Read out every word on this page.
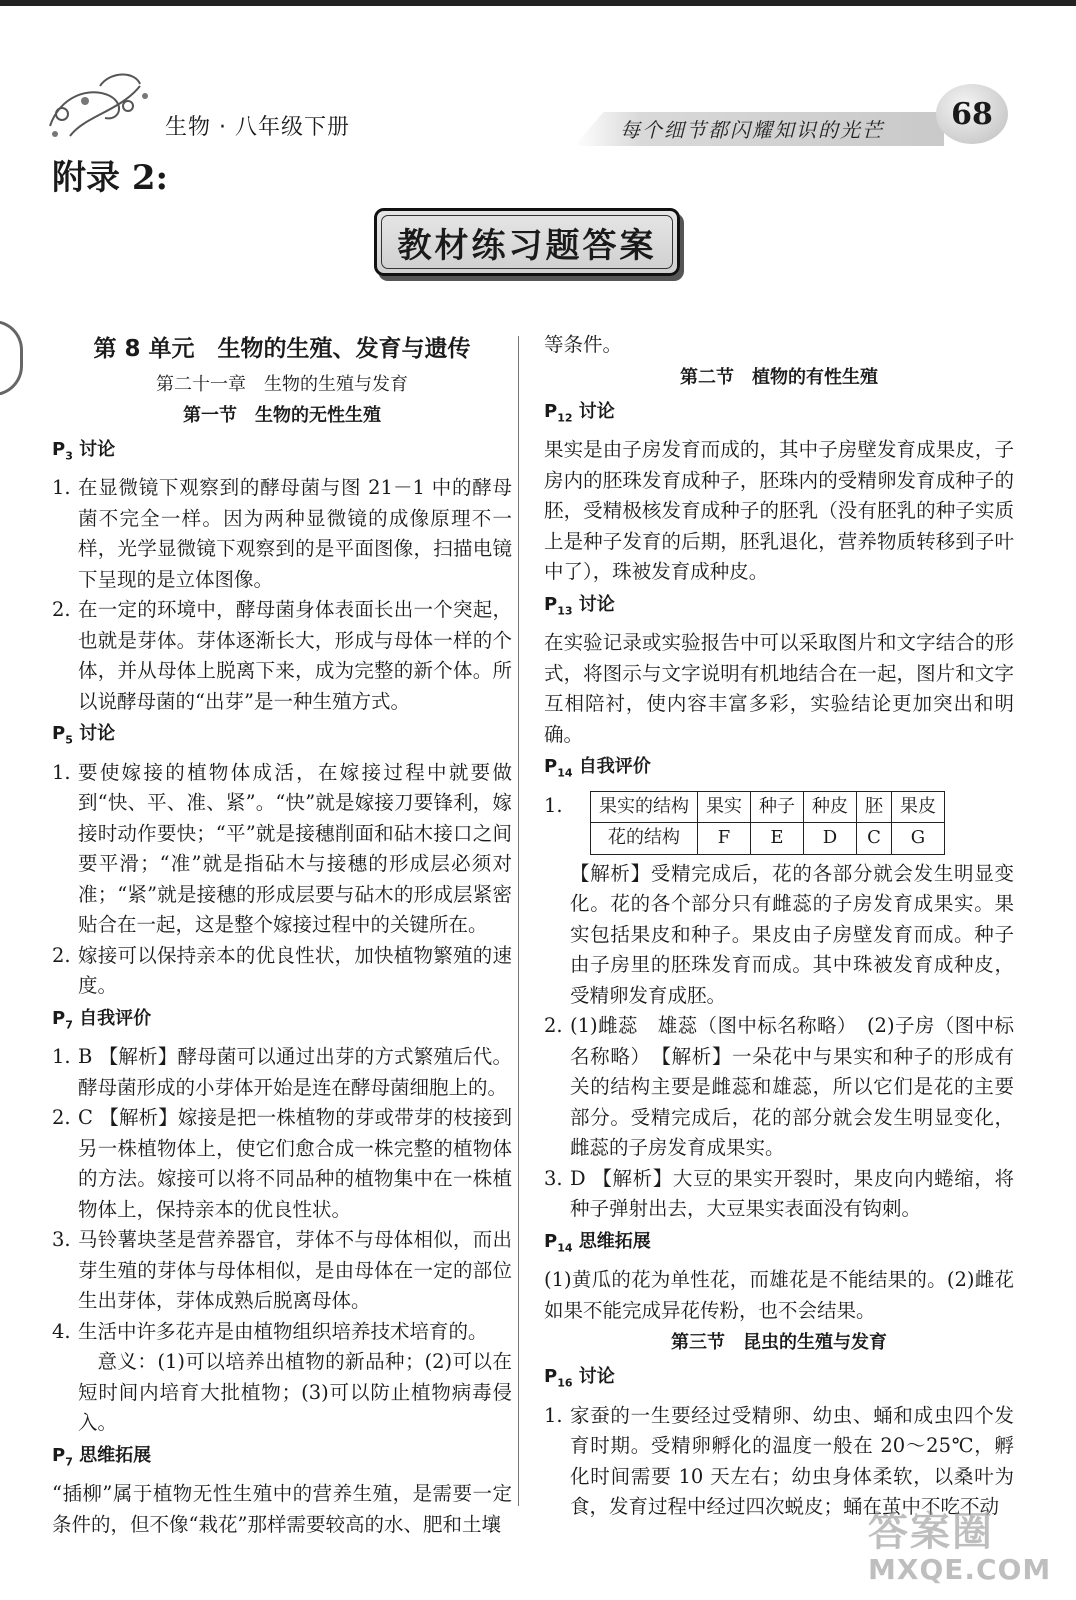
生物 · 八年级下册	每个细节都闪耀知识的光芒	68
附录 2:
教材练习题答案
第 8 单元　生物的生殖、发育与遗传
第二十一章　生物的生殖与发育
第一节　生物的无性生殖
$P_3$ 讨论
1. 在显微镜下观察到的酵母菌与图 21－1 中的酵母菌不完全一样。因为两种显微镜的成像原理不一样，光学显微镜下观察到的是平面图像，扫描电镜下呈现的是立体图像。
2. 在一定的环境中，酵母菌身体表面长出一个突起，也就是芽体。芽体逐渐长大，形成与母体一样的个体，并从母体上脱离下来，成为完整的新个体。所以说酵母菌的“出芽”是一种生殖方式。
$P_5$ 讨论
1. 要使嫁接的植物体成活，在嫁接过程中就要做到“快、平、准、紧”。“快”就是嫁接刀要锋利，嫁接时动作要快；“平”就是接穗削面和砧木接口之间要平滑；“准”就是指砧木与接穗的形成层必须对准；“紧”就是接穗的形成层要与砧木的形成层紧密贴合在一起，这是整个嫁接过程中的关键所在。
2. 嫁接可以保持亲本的优良性状，加快植物繁殖的速度。
$P_7$ 自我评价
1. B 【解析】酵母菌可以通过出芽的方式繁殖后代。酵母菌形成的小芽体开始是连在酵母菌细胞上的。
2. C 【解析】嫁接是把一株植物的芽或带芽的枝接到另一株植物体上，使它们愈合成一株完整的植物体的方法。嫁接可以将不同品种的植物集中在一株植物体上，保持亲本的优良性状。
3. 马铃薯块茎是营养器官，芽体不与母体相似，而出芽生殖的芽体与母体相似，是由母体在一定的部位生出芽体，芽体成熟后脱离母体。
4. 生活中许多花卉是由植物组织培养技术培育的。
意义：(1)可以培养出植物的新品种；(2)可以在短时间内培育大批植物；(3)可以防止植物病毒侵入。
$P_7$ 思维拓展
“插柳”属于植物无性生殖中的营养生殖，是需要一定条件的，但不像“栽花”那样需要较高的水、肥和土壤
等条件。
第二节　植物的有性生殖
$P_{12}$ 讨论
果实是由子房发育而成的，其中子房壁发育成果皮，子房内的胚珠发育成种子，胚珠内的受精卵发育成种子的胚，受精极核发育成种子的胚乳（没有胚乳的种子实质上是种子发育的后期，胚乳退化，营养物质转移到子叶中了），珠被发育成种皮。
$P_{13}$ 讨论
在实验记录或实验报告中可以采取图片和文字结合的形式，将图示与文字说明有机地结合在一起，图片和文字互相陪衬，使内容丰富多彩，实验结论更加突出和明确。
$P_{14}$ 自我评价
1.	果实的结构	果实	种子	种皮	胚	果皮
花的结构	F	E	D	C	G
【解析】受精完成后，花的各部分就会发生明显变化。花的各个部分只有雌蕊的子房发育成果实。果实包括果皮和种子。果皮由子房壁发育而成。种子由子房里的胚珠发育而成。其中珠被发育成种皮，受精卵发育成胚。
2. (1)雌蕊　雄蕊（图中标名称略）　(2)子房（图中标名称略）　【解析】一朵花中与果实和种子的形成有关的结构主要是雌蕊和雄蕊，所以它们是花的主要部分。受精完成后，花的部分就会发生明显变化，雌蕊的子房发育成果实。
3. D 【解析】大豆的果实开裂时，果皮向内蜷缩，将种子弹射出去，大豆果实表面没有钩刺。
$P_{14}$ 思维拓展
(1)黄瓜的花为单性花，而雄花是不能结果的。(2)雌花如果不能完成异花传粉，也不会结果。
第三节　昆虫的生殖与发育
$P_{16}$ 讨论
1. 家蚕的一生要经过受精卵、幼虫、蛹和成虫四个发育时期。受精卵孵化的温度一般在 20～25℃，孵化时间需要 10 天左右；幼虫身体柔软，以桑叶为食，发育过程中经过四次蜕皮；蛹在茧中不吃不动
答案圈
MXQE.COM
